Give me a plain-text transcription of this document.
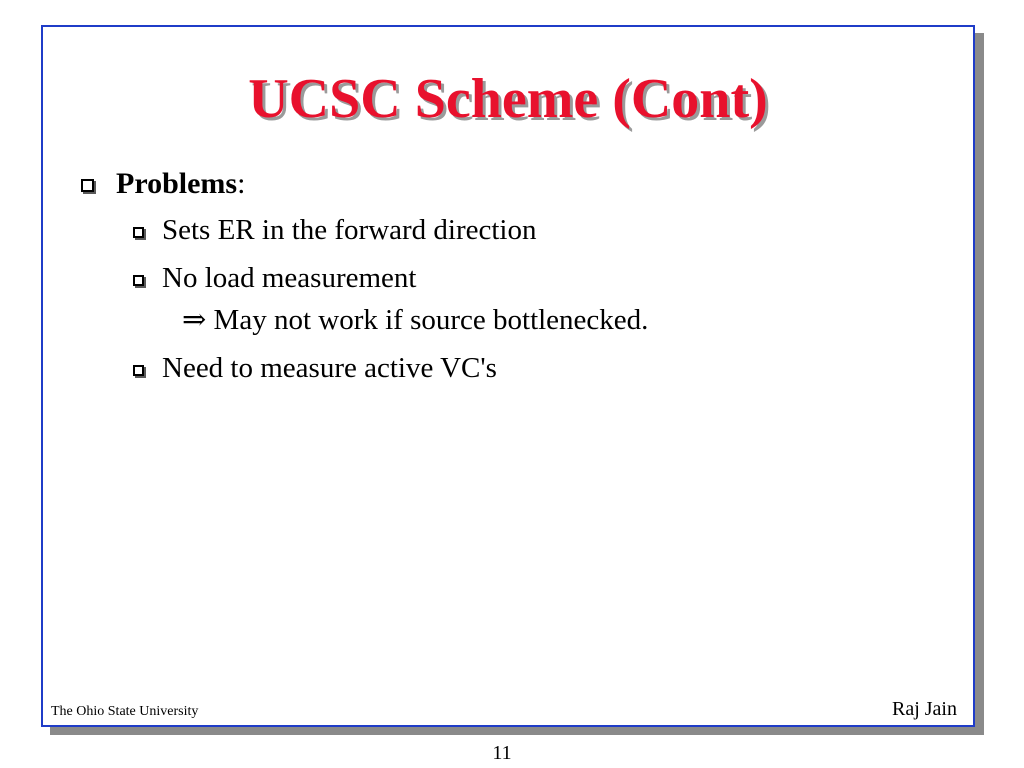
UCSC Scheme (Cont)
Problems:
Sets ER in the forward direction
No load measurement
⇒ May not work if source bottlenecked.
Need to measure active VC's
The Ohio State University	Raj Jain
11
